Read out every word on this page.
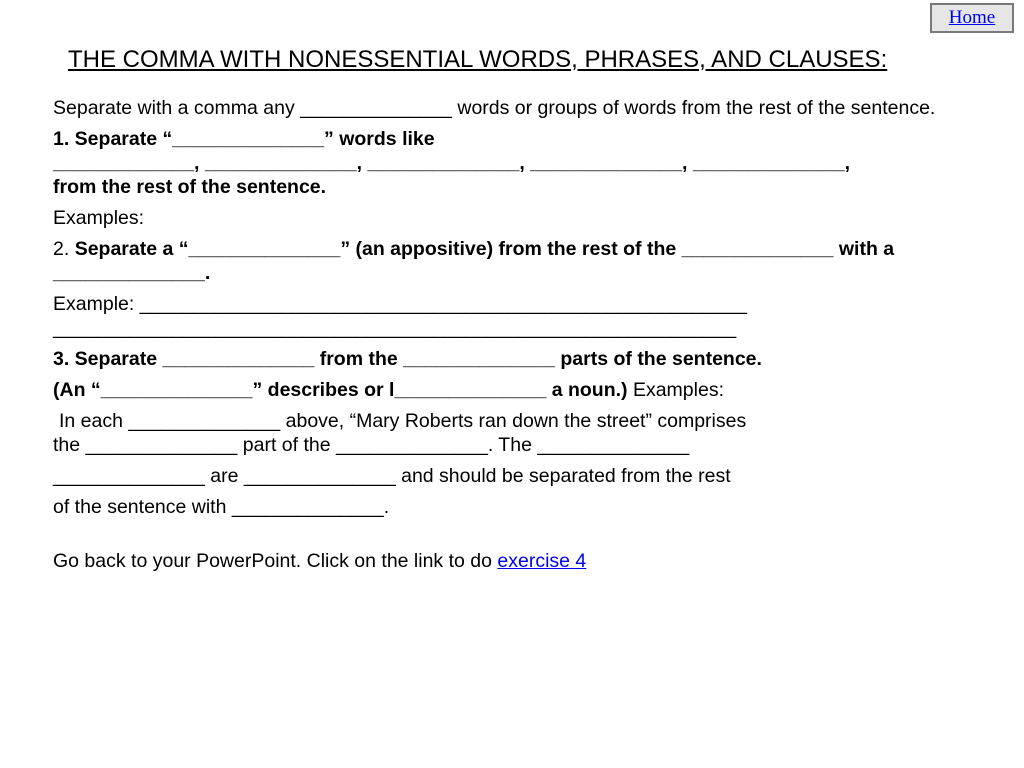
Home
THE COMMA WITH NONESSENTIAL WORDS, PHRASES, AND CLAUSES:

Separate with a comma any ______________ words or groups of words from the rest of the sentence.

1. Separate “______________” words like

_____________, ______________, ______________, ______________, ______________,

from the rest of the sentence.

Examples:

2. Separate a “______________” (an appositive) from the rest of the ______________ with a ______________.

Example: ________________________________________________________

_______________________________________________________________

3. Separate ______________ from the ______________ parts of the sentence.

(An “______________” describes or l______________ a noun.) Examples:

In each ______________ above, “Mary Roberts ran down the street” comprises

the ______________ part of the ______________. The ______________

______________ are ______________ and should be separated from the rest

of the sentence with ______________.

Go back to your PowerPoint. Click on the link to do exercise 4
